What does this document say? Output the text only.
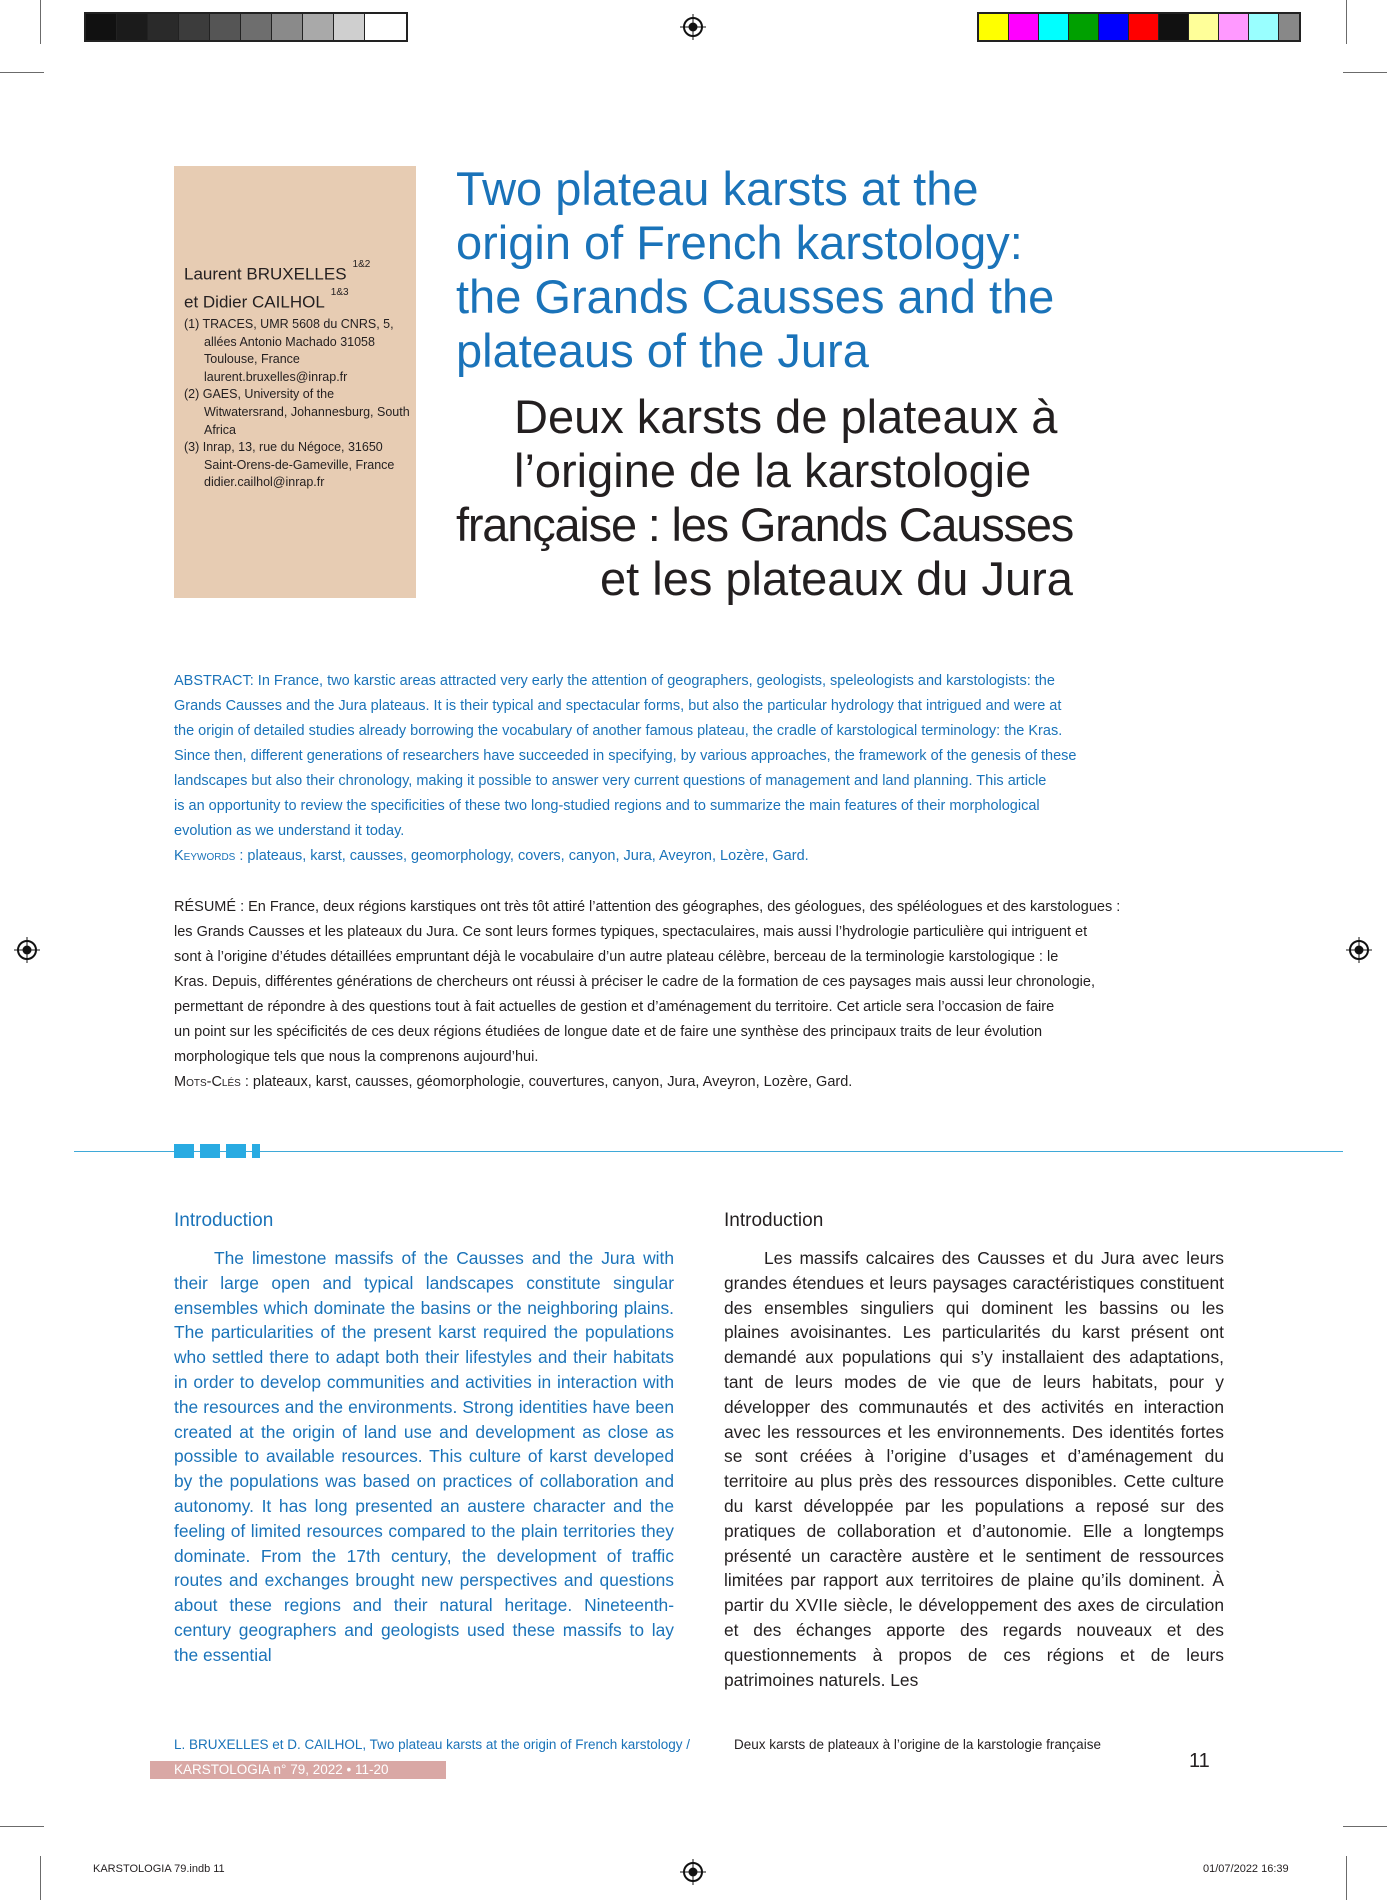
Laurent $BRUXELLES^{1\&2}$
et Didier $CAILHOL^{1\&3}$

(1) TRACES, UMR 5608 du CNRS, 5, allées Antonio Machado 31058 Toulouse, France laurent.bruxelles@inrap.fr

(2) GAES, University of the Witwatersrand, Johannesburg, South Africa

(3) Inrap, 13, rue du Négoce, 31650 Saint-Orens-de-Gameville, France didier.cailhol@inrap.fr

Two plateau karsts at the
origin of French karstology:
the Grands Causses and the
plateaus of the Jura
Deux karsts de plateaux à
l’origine de la karstologie
française : les Grands Causses
et les plateaux du Jura
ABSTRACT: In France, two karstic areas attracted very early the attention of geographers, geologists, speleologists and karstologists: the
Grands Causses and the Jura plateaus. It is their typical and spectacular forms, but also the particular hydrology that intrigued and were at
the origin of detailed studies already borrowing the vocabulary of another famous plateau, the cradle of karstological terminology: the Kras.
Since then, different generations of researchers have succeeded in specifying, by various approaches, the framework of the genesis of these
landscapes but also their chronology, making it possible to answer very current questions of management and land planning. This article
is an opportunity to review the specificities of these two long-studied regions and to summarize the main features of their morphological
evolution as we understand it today.
Keywords : plateaus, karst, causses, geomorphology, covers, canyon, Jura, Aveyron, Lozère, Gard.
RÉSUMÉ : En France, deux régions karstiques ont très tôt attiré l’attention des géographes, des géologues, des spéléologues et des karstologues :
les Grands Causses et les plateaux du Jura. Ce sont leurs formes typiques, spectaculaires, mais aussi l’hydrologie particulière qui intriguent et
sont à l’origine d’études détaillées empruntant déjà le vocabulaire d’un autre plateau célèbre, berceau de la terminologie karstologique : le
Kras. Depuis, différentes générations de chercheurs ont réussi à préciser le cadre de la formation de ces paysages mais aussi leur chronologie,
permettant de répondre à des questions tout à fait actuelles de gestion et d’aménagement du territoire. Cet article sera l’occasion de faire
un point sur les spécificités de ces deux régions étudiées de longue date et de faire une synthèse des principaux traits de leur évolution
morphologique tels que nous la comprenons aujourd’hui.
Mots-Clés : plateaux, karst, causses, géomorphologie, couvertures, canyon, Jura, Aveyron, Lozère, Gard.
Introduction

The limestone massifs of the Causses and the Jura with their large open and typical landscapes constitute singular ensembles which dominate the basins or the neighboring plains. The particularities of the present karst required the populations who settled there to adapt both their lifestyles and their habitats in order to develop communities and activities in interaction with the resources and the environments. Strong identities have been created at the origin of land use and development as close as possible to available resources. This culture of karst developed by the populations was based on practices of collaboration and autonomy. It has long presented an austere character and the feeling of limited resources compared to the plain territories they dominate. From the 17th century, the development of traffic routes and exchanges brought new perspectives and questions about these regions and their natural heritage. Nineteenth-century geographers and geologists used these massifs to lay the essential

Introduction

Les massifs calcaires des Causses et du Jura avec leurs grandes étendues et leurs paysages caractéristiques constituent des ensembles singuliers qui dominent les bassins ou les plaines avoisinantes. Les particularités du karst présent ont demandé aux populations qui s’y installaient des adaptations, tant de leurs modes de vie que de leurs habitats, pour y développer des communautés et des activités en interaction avec les ressources et les environnements. Des identités fortes se sont créées à l’origine d’usages et d’aménagement du territoire au plus près des ressources disponibles. Cette culture du karst développée par les populations a reposé sur des pratiques de collaboration et d’autonomie. Elle a longtemps présenté un caractère austère et le sentiment de ressources limitées par rapport aux territoires de plaine qu’ils dominent. À partir du XVIIe siècle, le développement des axes de circulation et des échanges apporte des regards nouveaux et des questionnements à propos de ces régions et de leurs patrimoines naturels. Les

L. BRUXELLES et D. CAILHOL, Two plateau karsts at the origin of French karstology /	Deux karsts de plateaux à l’origine de la karstologie française
KARSTOLOGIA n° 79, 2022 • 11-20	11
KARSTOLOGIA 79.indb 11	01/07/2022 16:39
